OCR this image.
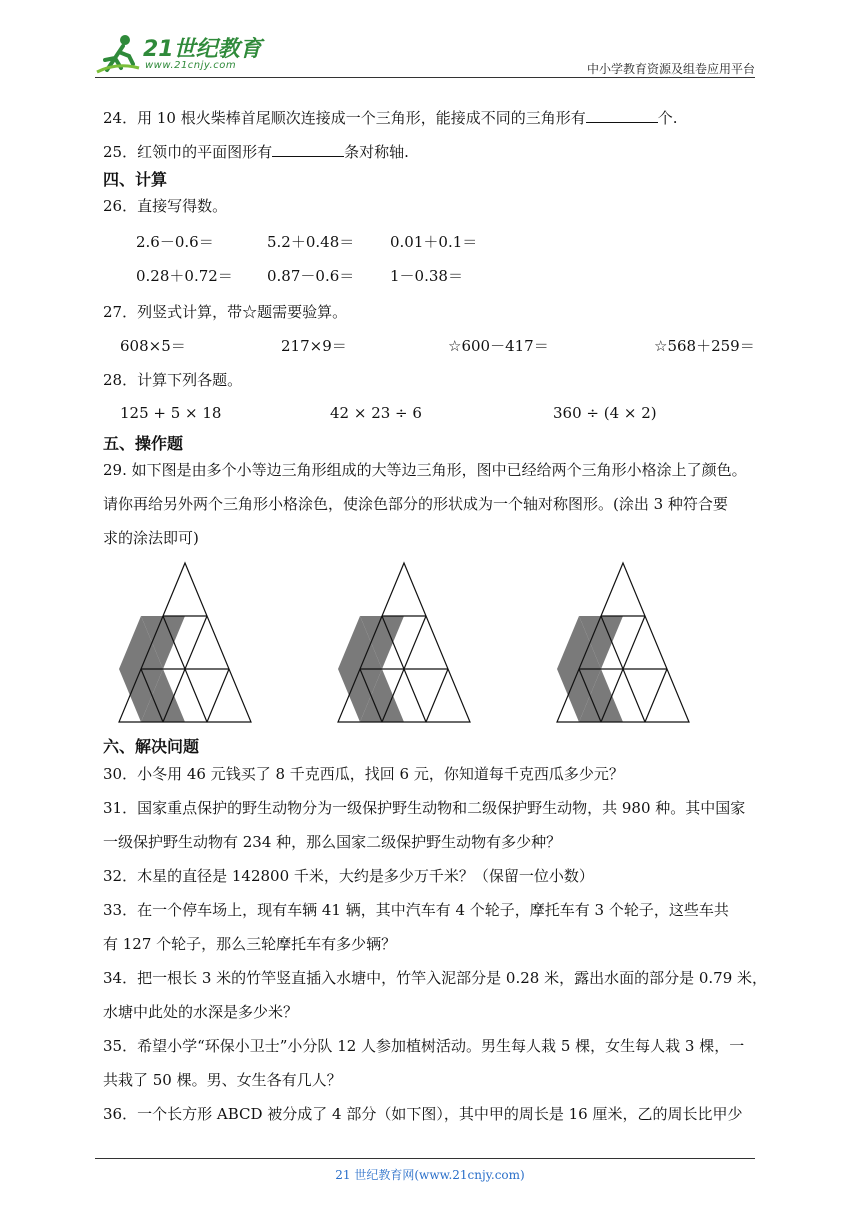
21世纪教育
www.21cnjy.com	中小学教育资源及组卷应用平台
24．用 10 根火柴棒首尾顺次连接成一个三角形，能接成不同的三角形有	个.
25．红领巾的平面图形有	条对称轴.
四、计算
26．直接写得数。
2.6－0.6＝	5.2＋0.48＝ 0.01＋0.1＝
0.28＋0.72＝ 0.87－0.6＝ 1－0.38＝
27．列竖式计算，带☆题需要验算。
608×5＝	217×9＝	☆600－417＝	☆568＋259＝
28．计算下列各题。
125 + 5 × 18	42 × 23 ÷ 6	360 ÷ (4 × 2)
五、操作题
29. 如下图是由多个小等边三角形组成的大等边三角形，图中已经给两个三角形小格涂上了颜色。
请你再给另外两个三角形小格涂色，使涂色部分的形状成为一个轴对称图形。(涂出 3 种符合要
求的涂法即可)
六、解决问题
30．小冬用 46 元钱买了 8 千克西瓜，找回 6 元，你知道每千克西瓜多少元？
31．国家重点保护的野生动物分为一级保护野生动物和二级保护野生动物，共 980 种。其中国家
一级保护野生动物有 234 种，那么国家二级保护野生动物有多少种？
32．木星的直径是 142800 千米，大约是多少万千米？（保留一位小数）
33．在一个停车场上，现有车辆 41 辆，其中汽车有 4 个轮子，摩托车有 3 个轮子，这些车共
有 127 个轮子，那么三轮摩托车有多少辆？
34．把一根长 3 米的竹竿竖直插入水塘中，竹竿入泥部分是 0.28 米，露出水面的部分是 0.79 米，
水塘中此处的水深是多少米？
35．希望小学“环保小卫士”小分队 12 人参加植树活动。男生每人栽 5 棵，女生每人栽 3 棵，一
共栽了 50 棵。男、女生各有几人？
36．一个长方形 ABCD 被分成了 4 部分（如下图），其中甲的周长是 16 厘米，乙的周长比甲少
21 世纪教育网(www.21cnjy.com)
